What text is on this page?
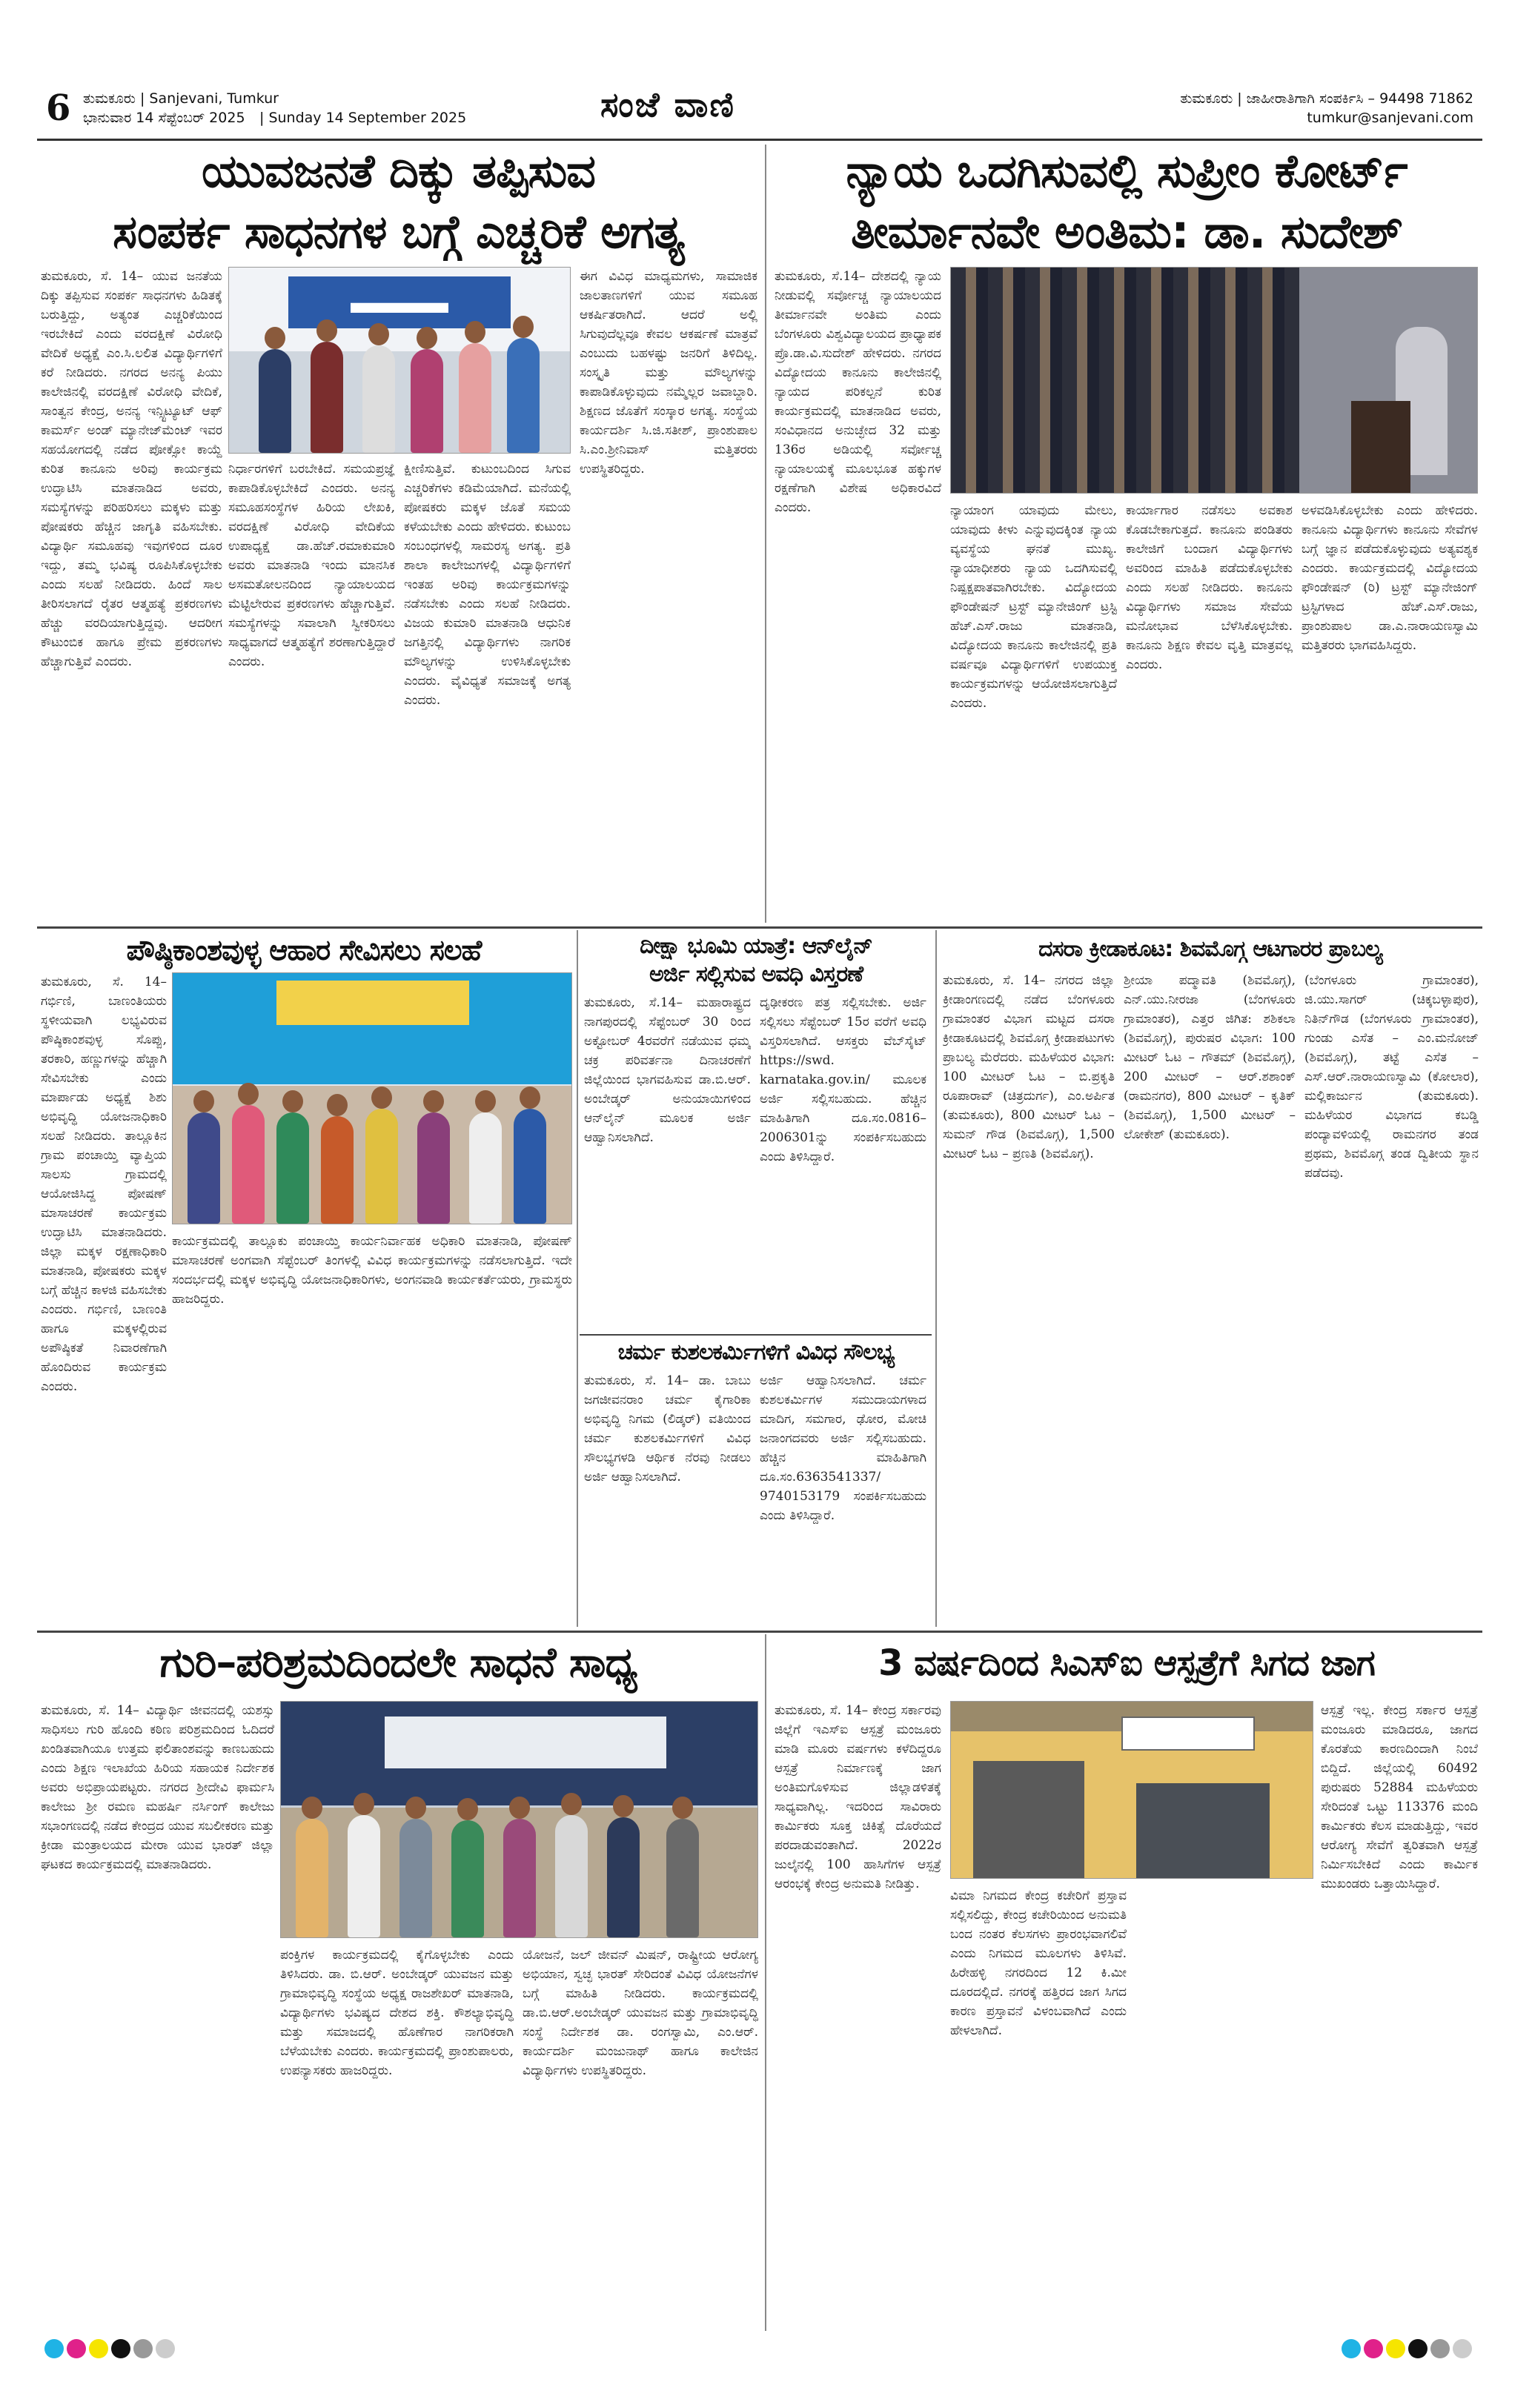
6 ತುಮಕೂರು | Sanjevani, Tumkur
ಭಾನುವಾರ 14 ಸೆಪ್ಟೆಂಬರ್ 2025	| Sunday 14 September 2025	ಸಂಜೆ ವಾಣಿ	ತುಮಕೂರು | ಜಾಹೀರಾತಿಗಾಗಿ ಸಂಪರ್ಕಿಸಿ – 94498 71862
tumkur@sanjevani.com
ಯುವಜನತೆ ದಿಕ್ಕು ತಪ್ಪಿಸುವ
ಸಂಪರ್ಕ ಸಾಧನಗಳ ಬಗ್ಗೆ ಎಚ್ಚರಿಕೆ ಅಗತ್ಯ
ತುಮಕೂರು, ಸೆ. 14– ಯುವ ಜನತೆಯ ದಿಕ್ಕು ತಪ್ಪಿಸುವ ಸಂಪರ್ಕ ಸಾಧನಗಳು ಹಿಡಿತಕ್ಕೆ ಬರುತ್ತಿದ್ದು, ಅತ್ಯಂತ ಎಚ್ಚರಿಕೆಯಿಂದ ಇರಬೇಕಿದೆ ಎಂದು ವರದಕ್ಷಿಣೆ ವಿರೋಧಿ ವೇದಿಕೆ ಅಧ್ಯಕ್ಷೆ ಎಂ.ಸಿ.ಲಲಿತ ವಿದ್ಯಾರ್ಥಿಗಳಿಗೆ ಕರೆ ನೀಡಿದರು. ನಗರದ ಅನನ್ಯ ಪಿಯು ಕಾಲೇಜಿನಲ್ಲಿ ವರದಕ್ಷಿಣೆ ವಿರೋಧಿ ವೇದಿಕೆ, ಸಾಂತ್ವನ ಕೇಂದ್ರ, ಅನನ್ಯ ಇನ್ಸ್ಟಿಟ್ಯೂಟ್ ಆಫ್ ಕಾಮರ್ಸ್ ಅಂಡ್ ಮ್ಯಾನೇಜ್‌ಮೆಂಟ್ ಇವರ ಸಹಯೋಗದಲ್ಲಿ ನಡೆದ ಪೋಕ್ಸೋ ಕಾಯ್ದೆ ಕುರಿತ ಕಾನೂನು ಅರಿವು ಕಾರ್ಯಕ್ರಮ ಉದ್ಘಾಟಿಸಿ ಮಾತನಾಡಿದ ಅವರು, ಸಮಸ್ಯೆಗಳನ್ನು ಪರಿಹರಿಸಲು ಮಕ್ಕಳು ಮತ್ತು ಪೋಷಕರು ಹೆಚ್ಚಿನ ಜಾಗೃತಿ ವಹಿಸಬೇಕು. ವಿದ್ಯಾರ್ಥಿ ಸಮೂಹವು ಇವುಗಳಿಂದ ದೂರ ಇದ್ದು, ತಮ್ಮ ಭವಿಷ್ಯ ರೂಪಿಸಿಕೊಳ್ಳಬೇಕು ಎಂದು ಸಲಹೆ ನೀಡಿದರು. ಹಿಂದೆ ಸಾಲ ತೀರಿಸಲಾಗದೆ ರೈತರ ಆತ್ಮಹತ್ಯೆ ಪ್ರಕರಣಗಳು ಹೆಚ್ಚು ವರದಿಯಾಗುತ್ತಿದ್ದವು. ಆದರೀಗ ಕೌಟುಂಬಿಕ ಹಾಗೂ ಪ್ರೇಮ ಪ್ರಕರಣಗಳು ಹೆಚ್ಚಾಗುತ್ತಿವೆ ಎಂದರು.
▬▬▬
ನಿರ್ಧಾರಗಳಿಗೆ ಬರಬೇಕಿದೆ. ಸಮಯಪ್ರಜ್ಞೆ ಕಾಪಾಡಿಕೊಳ್ಳಬೇಕಿದೆ ಎಂದರು. ಅನನ್ಯ ಸಮೂಹಸಂಸ್ಥೆಗಳ ಹಿರಿಯ ಲೇಖಕಿ, ವರದಕ್ಷಿಣೆ ವಿರೋಧಿ ವೇದಿಕೆಯ ಉಪಾಧ್ಯಕ್ಷೆ ಡಾ.ಹೆಚ್.ರಮಾಕುಮಾರಿ ಅವರು ಮಾತನಾಡಿ ಇಂದು ಮಾನಸಿಕ ಅಸಮತೋಲನದಿಂದ ನ್ಯಾಯಾಲಯದ ಮೆಟ್ಟಿಲೇರುವ ಪ್ರಕರಣಗಳು ಹೆಚ್ಚಾಗುತ್ತಿವೆ. ಸಮಸ್ಯೆಗಳನ್ನು ಸವಾಲಾಗಿ ಸ್ವೀಕರಿಸಲು ಸಾಧ್ಯವಾಗದೆ ಆತ್ಮಹತ್ಯೆಗೆ ಶರಣಾಗುತ್ತಿದ್ದಾರೆ ಎಂದರು.
ಕ್ಷೀಣಿಸುತ್ತಿವೆ. ಕುಟುಂಬದಿಂದ ಸಿಗುವ ಎಚ್ಚರಿಕೆಗಳು ಕಡಿಮೆಯಾಗಿದೆ. ಮನೆಯಲ್ಲಿ ಪೋಷಕರು ಮಕ್ಕಳ ಜೊತೆ ಸಮಯ ಕಳೆಯಬೇಕು ಎಂದು ಹೇಳಿದರು. ಕುಟುಂಬ ಸಂಬಂಧಗಳಲ್ಲಿ ಸಾಮರಸ್ಯ ಅಗತ್ಯ. ಪ್ರತಿ ಶಾಲಾ ಕಾಲೇಜುಗಳಲ್ಲಿ ವಿದ್ಯಾರ್ಥಿಗಳಿಗೆ ಇಂತಹ ಅರಿವು ಕಾರ್ಯಕ್ರಮಗಳನ್ನು ನಡೆಸಬೇಕು ಎಂದು ಸಲಹೆ ನೀಡಿದರು. ವಿಜಯ ಕುಮಾರಿ ಮಾತನಾಡಿ ಆಧುನಿಕ ಜಗತ್ತಿನಲ್ಲಿ ವಿದ್ಯಾರ್ಥಿಗಳು ನಾಗರಿಕ ಮೌಲ್ಯಗಳನ್ನು ಉಳಿಸಿಕೊಳ್ಳಬೇಕು ಎಂದರು. ವೈವಿಧ್ಯತೆ ಸಮಾಜಕ್ಕೆ ಅಗತ್ಯ ಎಂದರು.
ಈಗ ವಿವಿಧ ಮಾಧ್ಯಮಗಳು, ಸಾಮಾಜಿಕ ಜಾಲತಾಣಗಳಿಗೆ ಯುವ ಸಮೂಹ ಆಕರ್ಷಿತರಾಗಿದೆ. ಆದರೆ ಅಲ್ಲಿ ಸಿಗುವುದೆಲ್ಲವೂ ಕೇವಲ ಆಕರ್ಷಣೆ ಮಾತ್ರವೆ ಎಂಬುದು ಬಹಳಷ್ಟು ಜನರಿಗೆ ತಿಳಿದಿಲ್ಲ. ಸಂಸ್ಕೃತಿ ಮತ್ತು ಮೌಲ್ಯಗಳನ್ನು ಕಾಪಾಡಿಕೊಳ್ಳುವುದು ನಮ್ಮೆಲ್ಲರ ಜವಾಬ್ದಾರಿ. ಶಿಕ್ಷಣದ ಜೊತೆಗೆ ಸಂಸ್ಕಾರ ಅಗತ್ಯ. ಸಂಸ್ಥೆಯ ಕಾರ್ಯದರ್ಶಿ ಸಿ.ಜಿ.ಸತೀಶ್, ಪ್ರಾಂಶುಪಾಲ ಸಿ.ಎಂ.ಶ್ರೀನಿವಾಸ್ ಮತ್ತಿತರರು ಉಪಸ್ಥಿತರಿದ್ದರು.
ನ್ಯಾಯ ಒದಗಿಸುವಲ್ಲಿ ಸುಪ್ರೀಂ ಕೋರ್ಟ್
ತೀರ್ಮಾನವೇ ಅಂತಿಮ: ಡಾ. ಸುದೇಶ್
ತುಮಕೂರು, ಸೆ.14– ದೇಶದಲ್ಲಿ ನ್ಯಾಯ ನೀಡುವಲ್ಲಿ ಸರ್ವೋಚ್ಚ ನ್ಯಾಯಾಲಯದ ತೀರ್ಮಾನವೇ ಅಂತಿಮ ಎಂದು ಬೆಂಗಳೂರು ವಿಶ್ವವಿದ್ಯಾಲಯದ ಪ್ರಾಧ್ಯಾಪಕ ಪ್ರೊ.ಡಾ.ವಿ.ಸುದೇಶ್ ಹೇಳಿದರು. ನಗರದ ವಿದ್ಯೋದಯ ಕಾನೂನು ಕಾಲೇಜಿನಲ್ಲಿ ನ್ಯಾಯದ ಪರಿಕಲ್ಪನೆ ಕುರಿತ ಕಾರ್ಯಕ್ರಮದಲ್ಲಿ ಮಾತನಾಡಿದ ಅವರು, ಸಂವಿಧಾನದ ಅನುಚ್ಛೇದ 32 ಮತ್ತು 136ರ ಅಡಿಯಲ್ಲಿ ಸರ್ವೋಚ್ಚ ನ್ಯಾಯಾಲಯಕ್ಕೆ ಮೂಲಭೂತ ಹಕ್ಕುಗಳ ರಕ್ಷಣೆಗಾಗಿ ವಿಶೇಷ ಅಧಿಕಾರವಿದೆ ಎಂದರು.	ನ್ಯಾಯಾಂಗ ಯಾವುದು ಮೇಲು, ಯಾವುದು ಕೀಳು ಎನ್ನುವುದಕ್ಕಿಂತ ನ್ಯಾಯ ವ್ಯವಸ್ಥೆಯ ಘನತೆ ಮುಖ್ಯ. ನ್ಯಾಯಾಧೀಶರು ನ್ಯಾಯ ಒದಗಿಸುವಲ್ಲಿ ನಿಷ್ಪಕ್ಷಪಾತವಾಗಿರಬೇಕು. ವಿದ್ಯೋದಯ ಫೌಂಡೇಷನ್ ಟ್ರಸ್ಟ್ ಮ್ಯಾನೇಜಿಂಗ್ ಟ್ರಸ್ಟಿ ಹೆಚ್.ಎಸ್.ರಾಜು ಮಾತನಾಡಿ, ವಿದ್ಯೋದಯ ಕಾನೂನು ಕಾಲೇಜಿನಲ್ಲಿ ಪ್ರತಿ ವರ್ಷವೂ ವಿದ್ಯಾರ್ಥಿಗಳಿಗೆ ಉಪಯುಕ್ತ ಕಾರ್ಯಕ್ರಮಗಳನ್ನು ಆಯೋಜಿಸಲಾಗುತ್ತಿದೆ ಎಂದರು.
ಕಾರ್ಯಾಗಾರ ನಡೆಸಲು ಅವಕಾಶ ಕೊಡಬೇಕಾಗುತ್ತದೆ. ಕಾನೂನು ಪಂಡಿತರು ಕಾಲೇಜಿಗೆ ಬಂದಾಗ ವಿದ್ಯಾರ್ಥಿಗಳು ಅವರಿಂದ ಮಾಹಿತಿ ಪಡೆದುಕೊಳ್ಳಬೇಕು ಎಂದು ಸಲಹೆ ನೀಡಿದರು. ಕಾನೂನು ವಿದ್ಯಾರ್ಥಿಗಳು ಸಮಾಜ ಸೇವೆಯ ಮನೋಭಾವ ಬೆಳೆಸಿಕೊಳ್ಳಬೇಕು. ಕಾನೂನು ಶಿಕ್ಷಣ ಕೇವಲ ವೃತ್ತಿ ಮಾತ್ರವಲ್ಲ ಎಂದರು.
ಅಳವಡಿಸಿಕೊಳ್ಳಬೇಕು ಎಂದು ಹೇಳಿದರು. ಕಾನೂನು ವಿದ್ಯಾರ್ಥಿಗಳು ಕಾನೂನು ಸೇವೆಗಳ ಬಗ್ಗೆ ಜ್ಞಾನ ಪಡೆದುಕೊಳ್ಳುವುದು ಅತ್ಯವಶ್ಯಕ ಎಂದರು. ಕಾರ್ಯಕ್ರಮದಲ್ಲಿ ವಿದ್ಯೋದಯ ಫೌಂಡೇಷನ್ (ರಿ) ಟ್ರಸ್ಟ್ ಮ್ಯಾನೇಜಿಂಗ್ ಟ್ರಸ್ಟಿಗಳಾದ ಹೆಚ್.ಎಸ್.ರಾಜು, ಪ್ರಾಂಶುಪಾಲ ಡಾ.ಎ.ನಾರಾಯಣಸ್ವಾಮಿ ಮತ್ತಿತರರು ಭಾಗವಹಿಸಿದ್ದರು.
ಪೌಷ್ಠಿಕಾಂಶವುಳ್ಳ ಆಹಾರ ಸೇವಿಸಲು ಸಲಹೆ
ತುಮಕೂರು, ಸೆ. 14– ಗರ್ಭಿಣಿ, ಬಾಣಂತಿಯರು ಸ್ಥಳೀಯವಾಗಿ ಲಭ್ಯವಿರುವ ಪೌಷ್ಠಿಕಾಂಶವುಳ್ಳ ಸೊಪ್ಪು, ತರಕಾರಿ, ಹಣ್ಣುಗಳನ್ನು ಹೆಚ್ಚಾಗಿ ಸೇವಿಸಬೇಕು ಎಂದು ಮಾರ್ಪಾಡು ಅಧ್ಯಕ್ಷೆ ಶಿಶು ಅಭಿವೃದ್ಧಿ ಯೋಜನಾಧಿಕಾರಿ ಸಲಹೆ ನೀಡಿದರು. ತಾಲ್ಲೂಕಿನ ಗ್ರಾಮ ಪಂಚಾಯ್ತಿ ವ್ಯಾಪ್ತಿಯ ಸಾಲಸು ಗ್ರಾಮದಲ್ಲಿ ಆಯೋಜಿಸಿದ್ದ ಪೋಷಣ್ ಮಾಸಾಚರಣೆ ಕಾರ್ಯಕ್ರಮ ಉದ್ಘಾಟಿಸಿ ಮಾತನಾಡಿದರು. ಜಿಲ್ಲಾ ಮಕ್ಕಳ ರಕ್ಷಣಾಧಿಕಾರಿ ಮಾತನಾಡಿ, ಪೋಷಕರು ಮಕ್ಕಳ ಬಗ್ಗೆ ಹೆಚ್ಚಿನ ಕಾಳಜಿ ವಹಿಸಬೇಕು ಎಂದರು. ಗರ್ಭಿಣಿ, ಬಾಣಂತಿ ಹಾಗೂ ಮಕ್ಕಳಲ್ಲಿರುವ ಅಪೌಷ್ಠಿಕತೆ ನಿವಾರಣೆಗಾಗಿ ಹೊಂದಿರುವ ಕಾರ್ಯಕ್ರಮ ಎಂದರು.
ಕಾರ್ಯಕ್ರಮದಲ್ಲಿ ತಾಲ್ಲೂಕು ಪಂಚಾಯ್ತಿ ಕಾರ್ಯನಿರ್ವಾಹಕ ಅಧಿಕಾರಿ ಮಾತನಾಡಿ, ಪೋಷಣ್ ಮಾಸಾಚರಣೆ ಅಂಗವಾಗಿ ಸೆಪ್ಟೆಂಬರ್ ತಿಂಗಳಲ್ಲಿ ವಿವಿಧ ಕಾರ್ಯಕ್ರಮಗಳನ್ನು ನಡೆಸಲಾಗುತ್ತಿದೆ. ಇದೇ ಸಂದರ್ಭದಲ್ಲಿ ಮಕ್ಕಳ ಅಭಿವೃದ್ಧಿ ಯೋಜನಾಧಿಕಾರಿಗಳು, ಅಂಗನವಾಡಿ ಕಾರ್ಯಕರ್ತೆಯರು, ಗ್ರಾಮಸ್ಥರು ಹಾಜರಿದ್ದರು.
ದೀಕ್ಷಾ ಭೂಮಿ ಯಾತ್ರೆ: ಆನ್‌ಲೈನ್
ಅರ್ಜಿ ಸಲ್ಲಿಸುವ ಅವಧಿ ವಿಸ್ತರಣೆ
ತುಮಕೂರು, ಸೆ.14– ಮಹಾರಾಷ್ಟ್ರದ ನಾಗಪುರದಲ್ಲಿ ಸೆಪ್ಟೆಂಬರ್ 30 ರಿಂದ ಅಕ್ಟೋಬರ್ 4ರವರೆಗೆ ನಡೆಯುವ ಧಮ್ಮ ಚಕ್ರ ಪರಿವರ್ತನಾ ದಿನಾಚರಣೆಗೆ ಜಿಲ್ಲೆಯಿಂದ ಭಾಗವಹಿಸುವ ಡಾ.ಬಿ.ಆರ್. ಅಂಬೇಡ್ಕರ್ ಅನುಯಾಯಿಗಳಿಂದ ಆನ್‌ಲೈನ್ ಮೂಲಕ ಅರ್ಜಿ ಆಹ್ವಾನಿಸಲಾಗಿದೆ.
ದೃಢೀಕರಣ ಪತ್ರ ಸಲ್ಲಿಸಬೇಕು. ಅರ್ಜಿ ಸಲ್ಲಿಸಲು ಸೆಪ್ಟೆಂಬರ್ 15ರ ವರೆಗೆ ಅವಧಿ ವಿಸ್ತರಿಸಲಾಗಿದೆ. ಆಸಕ್ತರು ವೆಬ್‌ಸೈಟ್ https://swd. karnataka.gov.in/ ಮೂಲಕ ಅರ್ಜಿ ಸಲ್ಲಿಸಬಹುದು. ಹೆಚ್ಚಿನ ಮಾಹಿತಿಗಾಗಿ ದೂ.ಸಂ.0816–2006301ನ್ನು ಸಂಪರ್ಕಿಸಬಹುದು ಎಂದು ತಿಳಿಸಿದ್ದಾರೆ.
ಚರ್ಮ ಕುಶಲಕರ್ಮಿಗಳಿಗೆ ವಿವಿಧ ಸೌಲಭ್ಯ
ತುಮಕೂರು, ಸೆ. 14– ಡಾ. ಬಾಬು ಜಗಜೀವನರಾಂ ಚರ್ಮ ಕೈಗಾರಿಕಾ ಅಭಿವೃದ್ಧಿ ನಿಗಮ (ಲಿಡ್ಕರ್) ವತಿಯಿಂದ ಚರ್ಮ ಕುಶಲಕರ್ಮಿಗಳಿಗೆ ವಿವಿಧ ಸೌಲಭ್ಯಗಳಡಿ ಆರ್ಥಿಕ ನೆರವು ನೀಡಲು ಅರ್ಜಿ ಆಹ್ವಾನಿಸಲಾಗಿದೆ.
ಅರ್ಜಿ ಆಹ್ವಾನಿಸಲಾಗಿದೆ. ಚರ್ಮ ಕುಶಲಕರ್ಮಿಗಳ ಸಮುದಾಯಗಳಾದ ಮಾದಿಗ, ಸಮಗಾರ, ಢೋರ, ಮೋಚಿ ಜನಾಂಗದವರು ಅರ್ಜಿ ಸಲ್ಲಿಸಬಹುದು. ಹೆಚ್ಚಿನ ಮಾಹಿತಿಗಾಗಿ ದೂ.ಸಂ.6363541337/ 9740153179 ಸಂಪರ್ಕಿಸಬಹುದು ಎಂದು ತಿಳಿಸಿದ್ದಾರೆ.
ದಸರಾ ಕ್ರೀಡಾಕೂಟ: ಶಿವಮೊಗ್ಗ ಆಟಗಾರರ ಪ್ರಾಬಲ್ಯ
ತುಮಕೂರು, ಸೆ. 14– ನಗರದ ಜಿಲ್ಲಾ ಕ್ರೀಡಾಂಗಣದಲ್ಲಿ ನಡೆದ ಬೆಂಗಳೂರು ಗ್ರಾಮಾಂತರ ವಿಭಾಗ ಮಟ್ಟದ ದಸರಾ ಕ್ರೀಡಾಕೂಟದಲ್ಲಿ ಶಿವಮೊಗ್ಗ ಕ್ರೀಡಾಪಟುಗಳು ಪ್ರಾಬಲ್ಯ ಮೆರೆದರು. ಮಹಿಳೆಯರ ವಿಭಾಗ: 100 ಮೀಟರ್ ಓಟ – ಬಿ.ಪ್ರಕೃತಿ ರೂಪಾರಾವ್ (ಚಿತ್ರದುರ್ಗ), ಎಂ.ಅರ್ಪಿತ (ತುಮಕೂರು), 800 ಮೀಟರ್ ಓಟ – ಸುಮನ್ ಗೌಡ (ಶಿವಮೊಗ್ಗ), 1,500 ಮೀಟರ್ ಓಟ – ಪ್ರಣತಿ (ಶಿವಮೊಗ್ಗ).
ಶ್ರೀಯಾ ಪದ್ಮಾವತಿ (ಶಿವಮೊಗ್ಗ), ಎನ್.ಯು.ನೀರಜಾ (ಬೆಂಗಳೂರು ಗ್ರಾಮಾಂತರ), ಎತ್ತರ ಜಿಗಿತ: ಶಶಿಕಲಾ (ಶಿವಮೊಗ್ಗ), ಪುರುಷರ ವಿಭಾಗ: 100 ಮೀಟರ್ ಓಟ – ಗೌತಮ್ (ಶಿವಮೊಗ್ಗ), 200 ಮೀಟರ್ – ಆರ್.ಶಶಾಂಕ್ (ರಾಮನಗರ), 800 ಮೀಟರ್ – ಕೃತಿಕ್ (ಶಿವಮೊಗ್ಗ), 1,500 ಮೀಟರ್ – ಲೋಕೇಶ್ (ತುಮಕೂರು).
(ಬೆಂಗಳೂರು ಗ್ರಾಮಾಂತರ), ಜಿ.ಯು.ಸಾಗರ್ (ಚಿಕ್ಕಬಳ್ಳಾಪುರ), ನಿತಿನ್‌ಗೌಡ (ಬೆಂಗಳೂರು ಗ್ರಾಮಾಂತರ), ಗುಂಡು ಎಸೆತ – ಎಂ.ಮನೋಜ್ (ಶಿವಮೊಗ್ಗ), ತಟ್ಟೆ ಎಸೆತ – ಎಸ್.ಆರ್.ನಾರಾಯಣಸ್ವಾಮಿ (ಕೋಲಾರ), ಮಲ್ಲಿಕಾರ್ಜುನ (ತುಮಕೂರು). ಮಹಿಳೆಯರ ವಿಭಾಗದ ಕಬಡ್ಡಿ ಪಂದ್ಯಾವಳಿಯಲ್ಲಿ ರಾಮನಗರ ತಂಡ ಪ್ರಥಮ, ಶಿವಮೊಗ್ಗ ತಂಡ ದ್ವಿತೀಯ ಸ್ಥಾನ ಪಡೆದವು.
ಗುರಿ–ಪರಿಶ್ರಮದಿಂದಲೇ ಸಾಧನೆ ಸಾಧ್ಯ
ತುಮಕೂರು, ಸೆ. 14– ವಿದ್ಯಾರ್ಥಿ ಜೀವನದಲ್ಲಿ ಯಶಸ್ಸು ಸಾಧಿಸಲು ಗುರಿ ಹೊಂದಿ ಕಠಿಣ ಪರಿಶ್ರಮದಿಂದ ಓದಿದರೆ ಖಂಡಿತವಾಗಿಯೂ ಉತ್ತಮ ಫಲಿತಾಂಶವನ್ನು ಕಾಣಬಹುದು ಎಂದು ಶಿಕ್ಷಣ ಇಲಾಖೆಯ ಹಿರಿಯ ಸಹಾಯಕ ನಿರ್ದೇಶಕ ಅವರು ಅಭಿಪ್ರಾಯಪಟ್ಟರು. ನಗರದ ಶ್ರೀದೇವಿ ಫಾರ್ಮಸಿ ಕಾಲೇಜು ಶ್ರೀ ರಮಣ ಮಹರ್ಷಿ ನರ್ಸಿಂಗ್ ಕಾಲೇಜು ಸಭಾಂಗಣದಲ್ಲಿ ನಡೆದ ಕೇಂದ್ರದ ಯುವ ಸಬಲೀಕರಣ ಮತ್ತು ಕ್ರೀಡಾ ಮಂತ್ರಾಲಯದ ಮೇರಾ ಯುವ ಭಾರತ್ ಜಿಲ್ಲಾ ಘಟಕದ ಕಾರ್ಯಕ್ರಮದಲ್ಲಿ ಮಾತನಾಡಿದರು.
ಪಂಕ್ತಿಗಳ ಕಾರ್ಯಕ್ರಮದಲ್ಲಿ ಕೈಗೊಳ್ಳಬೇಕು ಎಂದು ತಿಳಿಸಿದರು. ಡಾ. ಬಿ.ಆರ್. ಅಂಬೇಡ್ಕರ್ ಯುವಜನ ಮತ್ತು ಗ್ರಾಮಾಭಿವೃದ್ಧಿ ಸಂಸ್ಥೆಯ ಅಧ್ಯಕ್ಷ ರಾಜಶೇಖರ್ ಮಾತನಾಡಿ, ವಿದ್ಯಾರ್ಥಿಗಳು ಭವಿಷ್ಯದ ದೇಶದ ಶಕ್ತಿ. ಕೌಶಲ್ಯಾಭಿವೃದ್ಧಿ ಮತ್ತು ಸಮಾಜದಲ್ಲಿ ಹೊಣೆಗಾರ ನಾಗರಿಕರಾಗಿ ಬೆಳೆಯಬೇಕು ಎಂದರು. ಕಾರ್ಯಕ್ರಮದಲ್ಲಿ ಪ್ರಾಂಶುಪಾಲರು, ಉಪನ್ಯಾಸಕರು ಹಾಜರಿದ್ದರು.
ಯೋಜನೆ, ಜಲ್ ಜೀವನ್ ಮಿಷನ್, ರಾಷ್ಟ್ರೀಯ ಆರೋಗ್ಯ ಅಭಿಯಾನ, ಸ್ವಚ್ಛ ಭಾರತ್ ಸೇರಿದಂತೆ ವಿವಿಧ ಯೋಜನೆಗಳ ಬಗ್ಗೆ ಮಾಹಿತಿ ನೀಡಿದರು. ಕಾರ್ಯಕ್ರಮದಲ್ಲಿ ಡಾ.ಬಿ.ಆರ್.ಅಂಬೇಡ್ಕರ್ ಯುವಜನ ಮತ್ತು ಗ್ರಾಮಾಭಿವೃದ್ಧಿ ಸಂಸ್ಥೆ ನಿರ್ದೇಶಕ ಡಾ. ರಂಗಸ್ವಾಮಿ, ಎಂ.ಆರ್. ಕಾರ್ಯದರ್ಶಿ ಮಂಜುನಾಥ್ ಹಾಗೂ ಕಾಲೇಜಿನ ವಿದ್ಯಾರ್ಥಿಗಳು ಉಪಸ್ಥಿತರಿದ್ದರು.
3 ವರ್ಷದಿಂದ ಸಿಎಸ್‌ಐ ಆಸ್ಪತ್ರೆಗೆ ಸಿಗದ ಜಾಗ
ತುಮಕೂರು, ಸೆ. 14– ಕೇಂದ್ರ ಸರ್ಕಾರವು ಜಿಲ್ಲೆಗೆ ಇಎಸ್‌ಐ ಆಸ್ಪತ್ರೆ ಮಂಜೂರು ಮಾಡಿ ಮೂರು ವರ್ಷಗಳು ಕಳೆದಿದ್ದರೂ ಆಸ್ಪತ್ರೆ ನಿರ್ಮಾಣಕ್ಕೆ ಜಾಗ ಅಂತಿಮಗೊಳಿಸುವ ಜಿಲ್ಲಾಡಳಿತಕ್ಕೆ ಸಾಧ್ಯವಾಗಿಲ್ಲ. ಇದರಿಂದ ಸಾವಿರಾರು ಕಾರ್ಮಿಕರು ಸೂಕ್ತ ಚಿಕಿತ್ಸೆ ದೊರೆಯದೆ ಪರದಾಡುವಂತಾಗಿದೆ. 2022ರ ಜುಲೈನಲ್ಲಿ 100 ಹಾಸಿಗೆಗಳ ಆಸ್ಪತ್ರೆ ಆರಂಭಕ್ಕೆ ಕೇಂದ್ರ ಅನುಮತಿ ನೀಡಿತ್ತು.
ವಿಮಾ ನಿಗಮದ ಕೇಂದ್ರ ಕಚೇರಿಗೆ ಪ್ರಸ್ತಾವ ಸಲ್ಲಿಸಲಿದ್ದು, ಕೇಂದ್ರ ಕಚೇರಿಯಿಂದ ಅನುಮತಿ ಬಂದ ನಂತರ ಕೆಲಸಗಳು ಪ್ರಾರಂಭವಾಗಲಿವೆ ಎಂದು ನಿಗಮದ ಮೂಲಗಳು ತಿಳಿಸಿವೆ. ಹಿರೇಹಳ್ಳಿ ನಗರದಿಂದ 12 ಕಿ.ಮೀ ದೂರದಲ್ಲಿದೆ. ನಗರಕ್ಕೆ ಹತ್ತಿರದ ಜಾಗ ಸಿಗದ ಕಾರಣ ಪ್ರಸ್ತಾವನೆ ವಿಳಂಬವಾಗಿದೆ ಎಂದು ಹೇಳಲಾಗಿದೆ.
ಆಸ್ಪತ್ರೆ ಇಲ್ಲ. ಕೇಂದ್ರ ಸರ್ಕಾರ ಆಸ್ಪತ್ರೆ ಮಂಜೂರು ಮಾಡಿದರೂ, ಜಾಗದ ಕೊರತೆಯ ಕಾರಣದಿಂದಾಗಿ ನಿಂಬೆ ಬಿದ್ದಿದೆ. ಜಿಲ್ಲೆಯಲ್ಲಿ 60492 ಪುರುಷರು 52884 ಮಹಿಳೆಯರು ಸೇರಿದಂತೆ ಒಟ್ಟು 113376 ಮಂದಿ ಕಾರ್ಮಿಕರು ಕೆಲಸ ಮಾಡುತ್ತಿದ್ದು, ಇವರ ಆರೋಗ್ಯ ಸೇವೆಗೆ ತ್ವರಿತವಾಗಿ ಆಸ್ಪತ್ರೆ ನಿರ್ಮಿಸಬೇಕಿದೆ ಎಂದು ಕಾರ್ಮಿಕ ಮುಖಂಡರು ಒತ್ತಾಯಿಸಿದ್ದಾರೆ.
